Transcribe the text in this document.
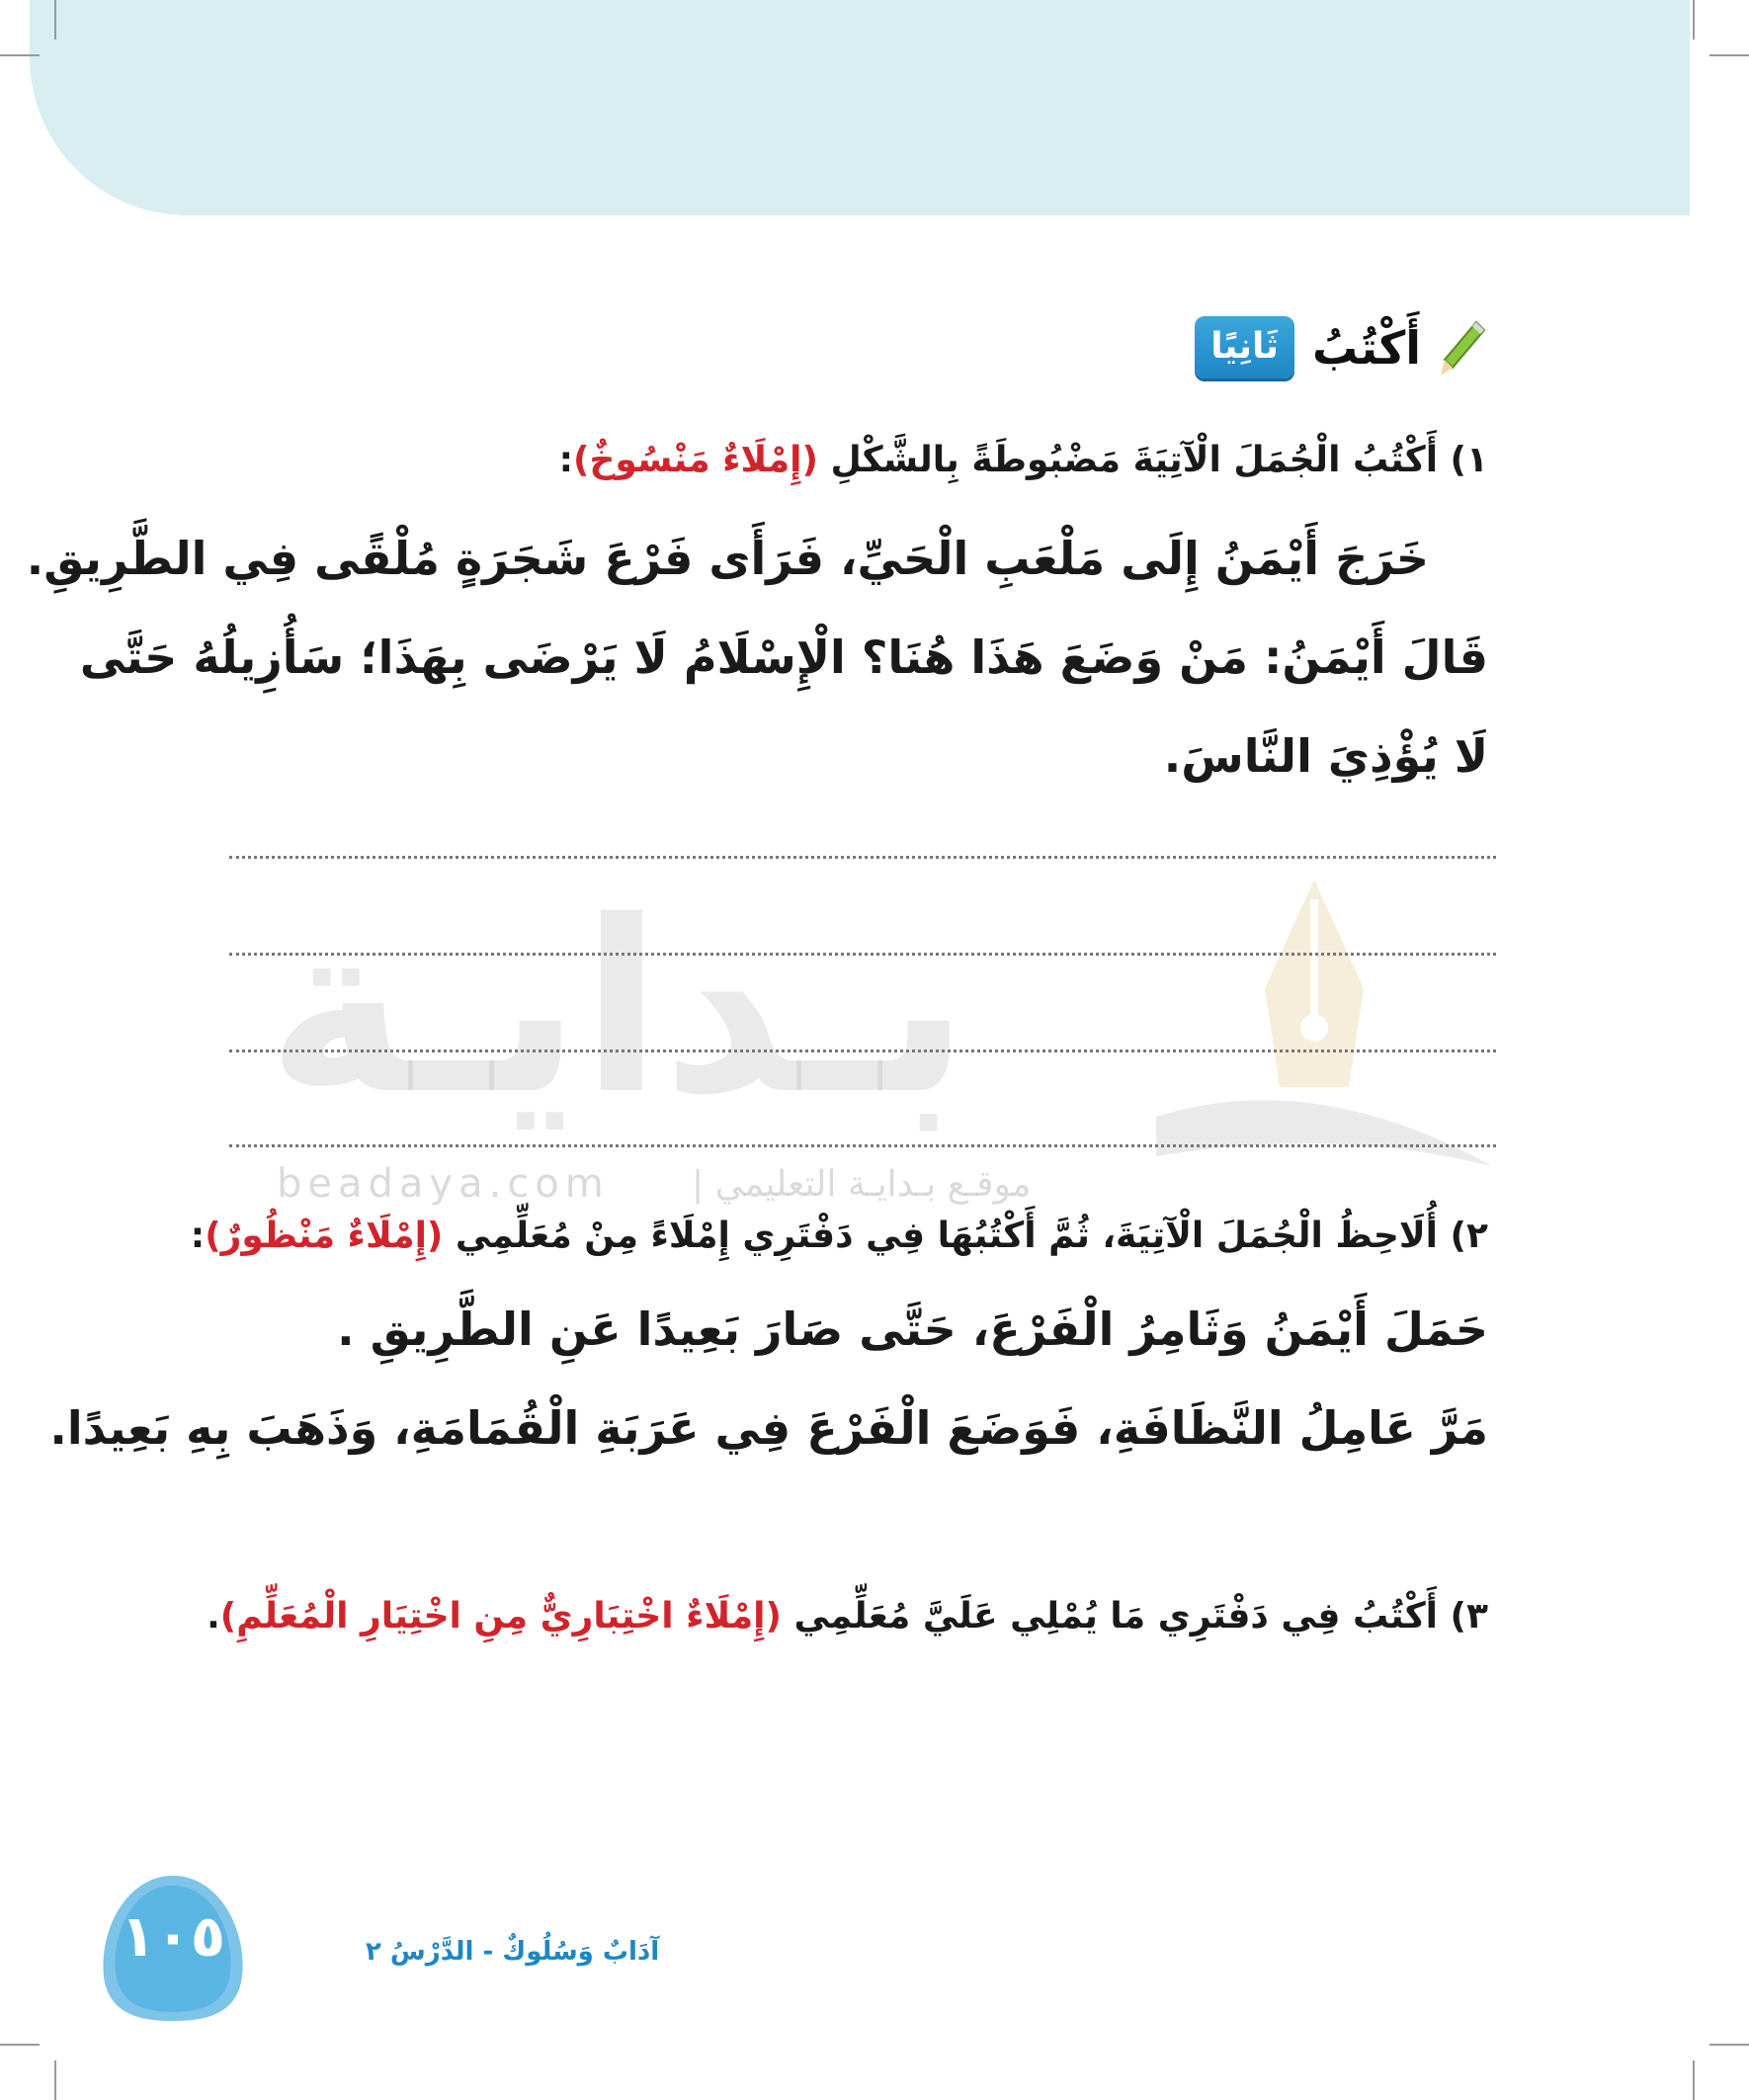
بـدايـة
beadaya.com موقـع بـدايـة التعليمي |
ثَانِيًا أَكْتُبُ
١) أَكْتُبُ الْجُمَلَ الْآتِيَةَ مَضْبُوطَةً بِالشَّكْلِ (إِمْلَاءٌ مَنْسُوخٌ):
خَرَجَ أَيْمَنُ إِلَى مَلْعَبِ الْحَيِّ، فَرَأَى فَرْعَ شَجَرَةٍ مُلْقًى فِي الطَّرِيقِ.
قَالَ أَيْمَنُ: مَنْ وَضَعَ هَذَا هُنَا؟ الْإِسْلَامُ لَا يَرْضَى بِهَذَا؛ سَأُزِيلُهُ حَتَّى
لَا يُؤْذِيَ النَّاسَ.
٢) أُلَاحِظُ الْجُمَلَ الْآتِيَةَ، ثُمَّ أَكْتُبُهَا فِي دَفْتَرِي إِمْلَاءً مِنْ مُعَلِّمِي (إِمْلَاءٌ مَنْظُورٌ):
حَمَلَ أَيْمَنُ وَثَامِرُ الْفَرْعَ، حَتَّى صَارَ بَعِيدًا عَنِ الطَّرِيقِ .
مَرَّ عَامِلُ النَّظَافَةِ، فَوَضَعَ الْفَرْعَ فِي عَرَبَةِ الْقُمَامَةِ، وَذَهَبَ بِهِ بَعِيدًا.
٣) أَكْتُبُ فِي دَفْتَرِي مَا يُمْلِي عَلَيَّ مُعَلِّمِي (إِمْلَاءٌ اخْتِبَارِيٌّ مِنِ اخْتِيَارِ الْمُعَلِّمِ).
١٠٥	آدَابٌ وَسُلُوكٌ - الدَّرْسُ ٢
